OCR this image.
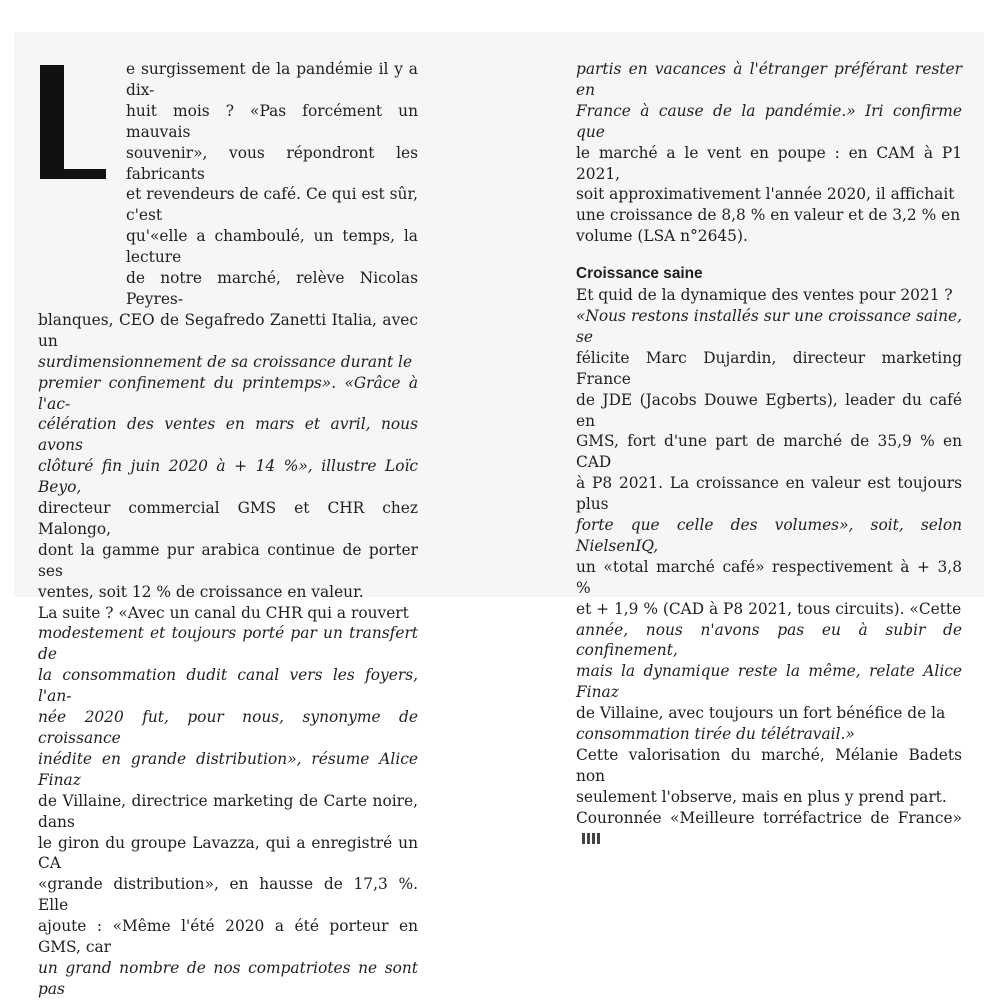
e surgissement de la pandémie il y a dix-
huit mois ? «Pas forcément un mauvais
souvenir», vous répondront les fabricants
et revendeurs de café. Ce qui est sûr, c'est
qu'«elle a chamboulé, un temps, la lecture
de notre marché, relève Nicolas Peyres-
blanques, CEO de Segafredo Zanetti Italia, avec un
surdimensionnement de sa croissance durant le
premier confinement du printemps». «Grâce à l'ac-
célération des ventes en mars et avril, nous avons
clôturé fin juin 2020 à + 14 %», illustre Loïc Beyo,
directeur commercial GMS et CHR chez Malongo,
dont la gamme pur arabica continue de porter ses
ventes, soit 12 % de croissance en valeur.
La suite ? «Avec un canal du CHR qui a rouvert
modestement et toujours porté par un transfert de
la consommation dudit canal vers les foyers, l'an-
née 2020 fut, pour nous, synonyme de croissance
inédite en grande distribution», résume Alice Finaz
de Villaine, directrice marketing de Carte noire, dans
le giron du groupe Lavazza, qui a enregistré un CA
«grande distribution», en hausse de 17,3 %. Elle
ajoute : «Même l'été 2020 a été porteur en GMS, car
un grand nombre de nos compatriotes ne sont pas
partis en vacances à l'étranger préférant rester en
France à cause de la pandémie.» Iri confirme que
le marché a le vent en poupe : en CAM à P1 2021,
soit approximativement l'année 2020, il affichait
une croissance de 8,8 % en valeur et de 3,2 % en
volume (LSA n°2645).
Croissance saine
Et quid de la dynamique des ventes pour 2021 ?
«Nous restons installés sur une croissance saine, se
félicite Marc Dujardin, directeur marketing France
de JDE (Jacobs Douwe Egberts), leader du café en
GMS, fort d'une part de marché de 35,9 % en CAD
à P8 2021. La croissance en valeur est toujours plus
forte que celle des volumes», soit, selon NielsenIQ,
un «total marché café» respectivement à + 3,8 %
et + 1,9 % (CAD à P8 2021, tous circuits). «Cette
année, nous n'avons pas eu à subir de confinement,
mais la dynamique reste la même, relate Alice Finaz
de Villaine, avec toujours un fort bénéfice de la
consommation tirée du télétravail.»
Cette valorisation du marché, Mélanie Badets non
seulement l'observe, mais en plus y prend part.
Couronnée «Meilleure torréfactrice de France»
